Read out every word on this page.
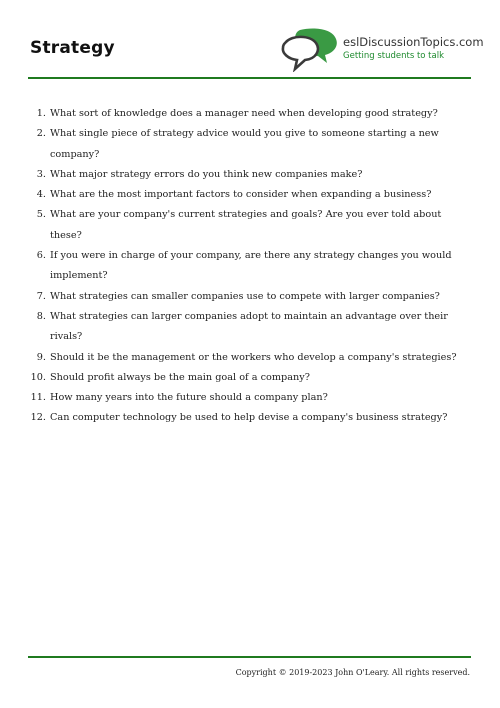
Strategy	eslDiscussionTopics.com
Getting students to talk
1. What sort of knowledge does a manager need when developing good strategy?
2. What single piece of strategy advice would you give to someone starting a new company?
3. What major strategy errors do you think new companies make?
4. What are the most important factors to consider when expanding a business?
5. What are your company's current strategies and goals? Are you ever told about these?
6. If you were in charge of your company, are there any strategy changes you would implement?
7. What strategies can smaller companies use to compete with larger companies?
8. What strategies can larger companies adopt to maintain an advantage over their rivals?
9. Should it be the management or the workers who develop a company's strategies?
10. Should profit always be the main goal of a company?
11. How many years into the future should a company plan?
12. Can computer technology be used to help devise a company's business strategy?
Copyright © 2019-2023 John O'Leary. All rights reserved.
